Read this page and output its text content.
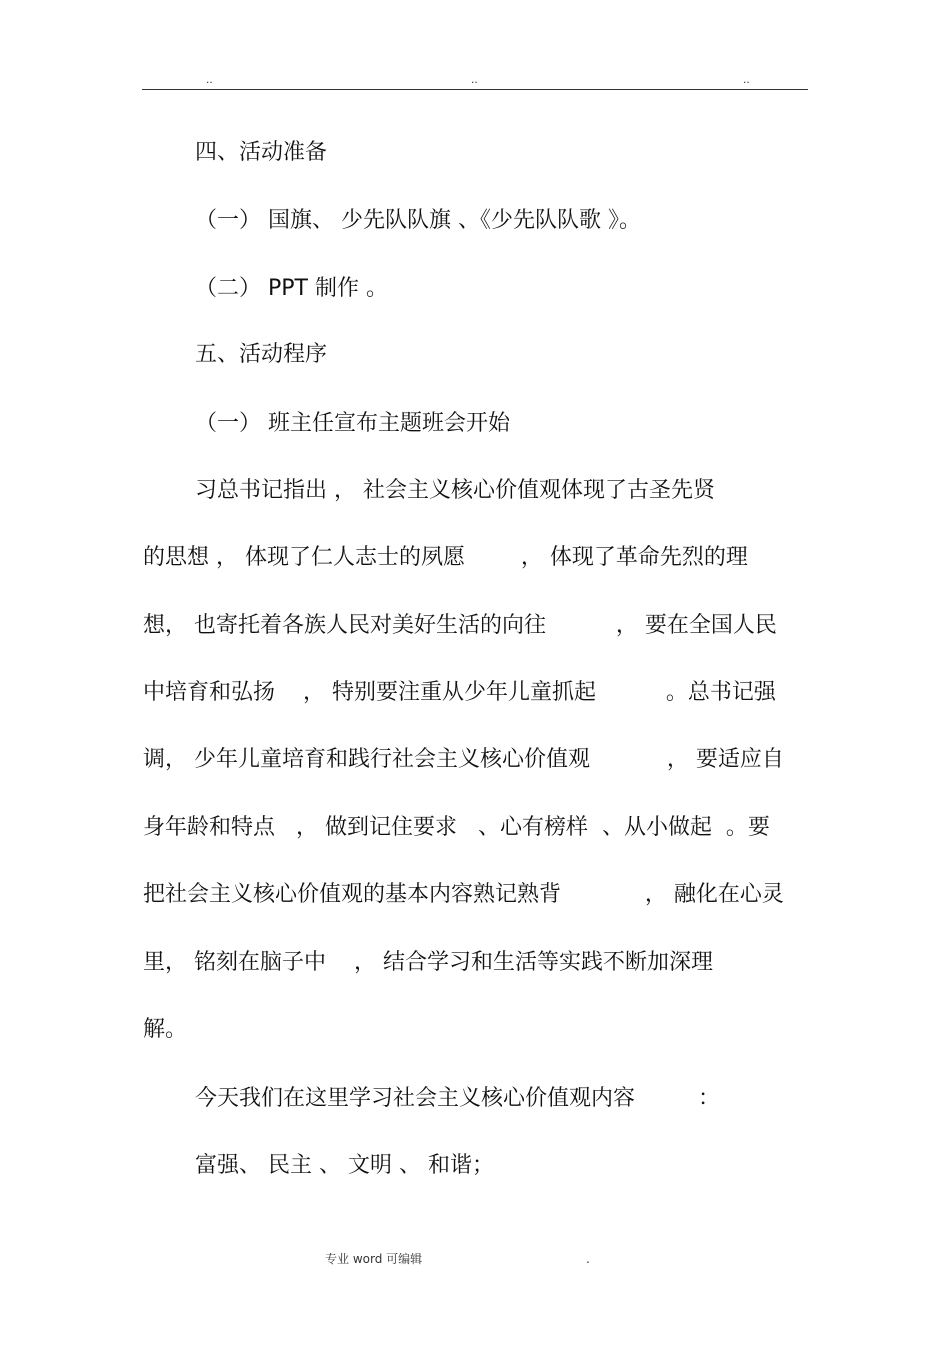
..	..	..
四、活动准备
（一） 国旗、 少先队队旗 、《少先队队歌 》。
（二） PPT 制作 。
五、活动程序
（一） 班主任宣布主题班会开始
习总书记指出 ， 社会主义核心价值观体现了古圣先贤
的思想 ， 体现了仁人志士的夙愿        ， 体现了革命先烈的理
想， 也寄托着各族人民对美好生活的向往          ， 要在全国人民
中培育和弘扬    ， 特别要注重从少年儿童抓起          。总书记强
调， 少年儿童培育和践行社会主义核心价值观           ， 要适应自
身年龄和特点   ， 做到记住要求   、心有榜样  、从小做起  。要
把社会主义核心价值观的基本内容熟记熟背            ， 融化在心灵
里， 铭刻在脑子中    ， 结合学习和生活等实践不断加深理
解。
今天我们在这里学习社会主义核心价值观内容         ：
富强、 民主 、 文明 、 和谐；
专业 word 可编辑	.
